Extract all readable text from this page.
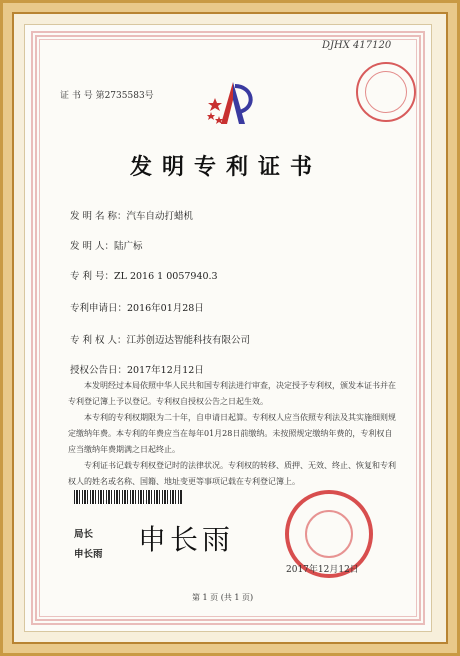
DJHX 417120
证 书 号 第2735583号
发明专利证书
发 明 名 称：汽车自动打蜡机
发 明 人：陆广标
专 利 号：ZL 2016 1 0057940.3
专利申请日：2016年01月28日
专 利 权 人：江苏创迈达智能科技有限公司
授权公告日：2017年12月12日

本发明经过本局依照中华人民共和国专利法进行审查，决定授予专利权，颁发本证书并在专利登记簿上予以登记。专利权自授权公告之日起生效。

本专利的专利权期限为二十年，自申请日起算。专利权人应当依照专利法及其实施细则规定缴纳年费。本专利的年费应当在每年01月28日前缴纳。未按照规定缴纳年费的，专利权自应当缴纳年费期满之日起终止。

专利证书记载专利权登记时的法律状况。专利权的转移、质押、无效、终止、恢复和专利权人的姓名或名称、国籍、地址变更等事项记载在专利登记簿上。

局长
申长雨 申长雨
2017年12月12日
第 1 页 (共 1 页)
